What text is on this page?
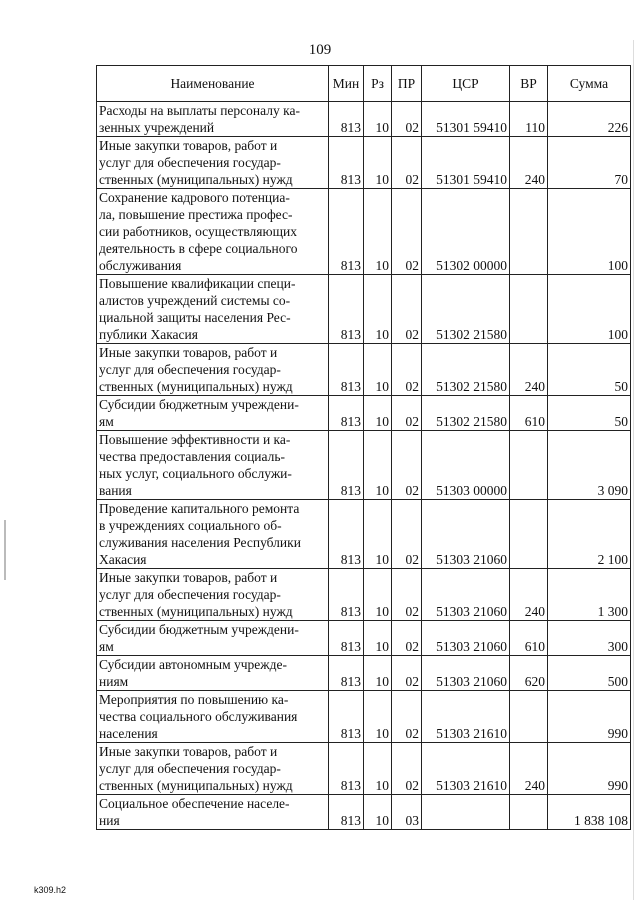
109
Наименование	Мин	Рз	ПР	ЦСР	ВР	Сумма
Расходы на выплаты персоналу ка-
зенных учреждений	813	10	02	51301 59410	110	226
Иные закупки товаров, работ и
услуг для обеспечения государ-
ственных (муниципальных) нужд	813	10	02	51301 59410	240	70
Сохранение кадрового потенциа-
ла, повышение престижа профес-
сии работников, осуществляющих
деятельность в сфере социального
обслуживания	813	10	02	51302 00000		100
Повышение квалификации специ-
алистов учреждений системы со-
циальной защиты населения Рес-
публики Хакасия	813	10	02	51302 21580		100
Иные закупки товаров, работ и
услуг для обеспечения государ-
ственных (муниципальных) нужд	813	10	02	51302 21580	240	50
Субсидии бюджетным учреждени-
ям	813	10	02	51302 21580	610	50
Повышение эффективности и ка-
чества предоставления социаль-
ных услуг, социального обслужи-
вания	813	10	02	51303 00000		3 090
Проведение капитального ремонта
в учреждениях социального об-
служивания населения Республики
Хакасия	813	10	02	51303 21060		2 100
Иные закупки товаров, работ и
услуг для обеспечения государ-
ственных (муниципальных) нужд	813	10	02	51303 21060	240	1 300
Субсидии бюджетным учреждени-
ям	813	10	02	51303 21060	610	300
Субсидии автономным учрежде-
ниям	813	10	02	51303 21060	620	500
Мероприятия по повышению ка-
чества социального обслуживания
населения	813	10	02	51303 21610		990
Иные закупки товаров, работ и
услуг для обеспечения государ-
ственных (муниципальных) нужд	813	10	02	51303 21610	240	990
Социальное обеспечение населе-
ния	813	10	03			1 838 108
k309.h2
